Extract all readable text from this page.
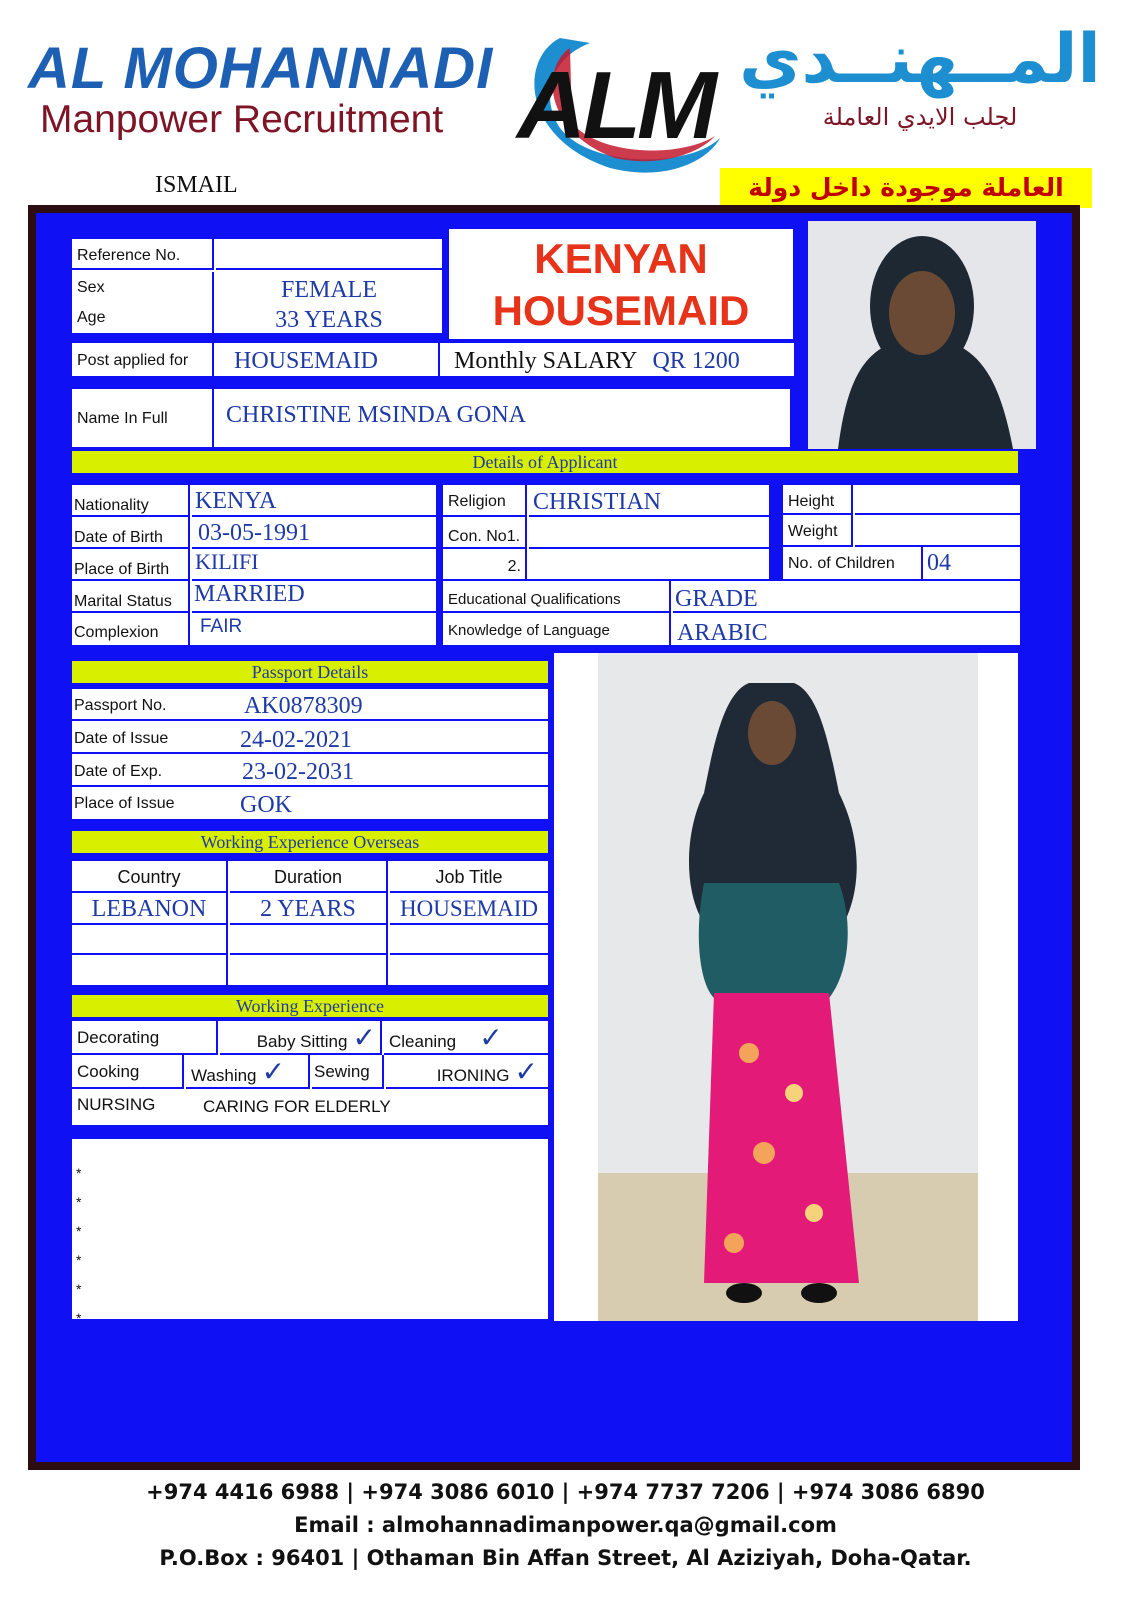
AL MOHANNADI
Manpower Recruitment ALM المــهنــدي
لجلب الايدي العاملة
ISMAIL	العاملة موجودة داخل دولة
Reference No.
Sex	FEMALE
Age	33 YEARS
KENYAN
HOUSEMAID
Post applied for	HOUSEMAID	Monthly SALARY QR 1200
Name In Full	CHRISTINE MSINDA GONA
Details of Applicant
Nationality	KENYA
Date of Birth	03-05-1991
Place of Birth	KILIFI
Marital Status MARRIED
Complexion	FAIR
Religion	CHRISTIAN
Con. No1.
2.
Height
Weight
No. of Children	04
Educational Qualifications	GRADE
Knowledge of Language	ARABIC
Passport Details
Passport No.	AK0878309
Date of Issue	24-02-2021
Date of Exp.	23-02-2031
Place of Issue	GOK
Working Experience Overseas
Country	Duration	Job Title
LEBANON	2 YEARS	HOUSEMAID
Working Experience
Decorating	Baby Sitting ✓ Cleaning ✓
Cooking	Washing ✓	Sewing	IRONING ✓
NURSING	CARING FOR ELDERLY
*
*
*
*
*
*
+974 4416 6988 | +974 3086 6010 | +974 7737 7206 | +974 3086 6890
Email : almohannadimanpower.qa@gmail.com
P.O.Box : 96401 | Othaman Bin Affan Street, Al Aziziyah, Doha-Qatar.
